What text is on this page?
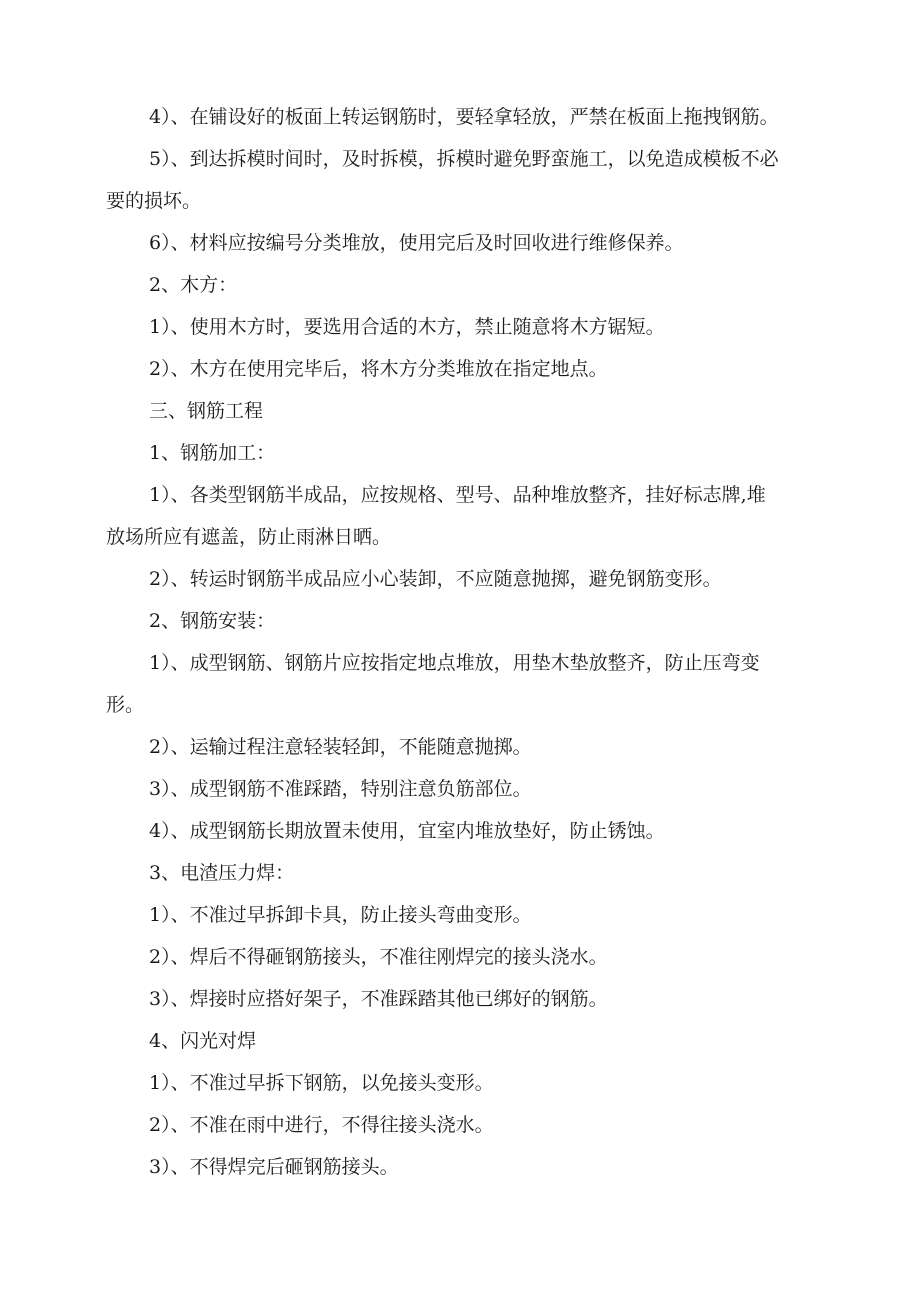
4）、在铺设好的板面上转运钢筋时，要轻拿轻放，严禁在板面上拖拽钢筋。

5）、到达拆模时间时，及时拆模，拆模时避免野蛮施工，以免造成模板不必

要的损坏。

6）、材料应按编号分类堆放，使用完后及时回收进行维修保养。

2、木方：

1）、使用木方时，要选用合适的木方，禁止随意将木方锯短。

2）、木方在使用完毕后，将木方分类堆放在指定地点。

三、钢筋工程

1、钢筋加工：

1）、各类型钢筋半成品，应按规格、型号、品种堆放整齐，挂好标志牌,堆

放场所应有遮盖，防止雨淋日晒。

2）、转运时钢筋半成品应小心装卸，不应随意抛掷，避免钢筋变形。

2、钢筋安装：

1）、成型钢筋、钢筋片应按指定地点堆放，用垫木垫放整齐，防止压弯变

形。

2）、运输过程注意轻装轻卸，不能随意抛掷。

3）、成型钢筋不准踩踏，特别注意负筋部位。

4）、成型钢筋长期放置未使用，宜室内堆放垫好，防止锈蚀。

3、电渣压力焊：

1）、不准过早拆卸卡具，防止接头弯曲变形。

2）、焊后不得砸钢筋接头，不准往刚焊完的接头浇水。

3）、焊接时应搭好架子，不准踩踏其他已绑好的钢筋。

4、闪光对焊

1）、不准过早拆下钢筋，以免接头变形。

2）、不准在雨中进行，不得往接头浇水。

3）、不得焊完后砸钢筋接头。
